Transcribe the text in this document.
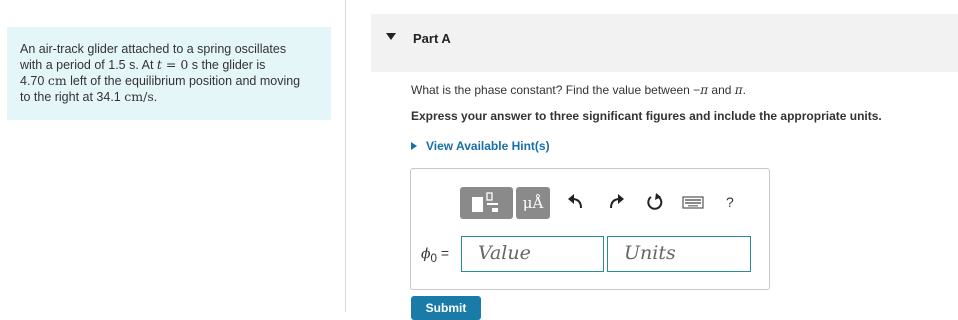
An air-track glider attached to a spring oscillates
with a period of 1.5 s. At t = 0 s the glider is
4.70 cm left of the equilibrium position and moving
to the right at 34.1 cm/s.
Part A
What is the phase constant? Find the value between −π and π.
Express your answer to three significant figures and include the appropriate units.
View Available Hint(s)
μÅ	?
$\phi_0$ = Value	Units
Submit
